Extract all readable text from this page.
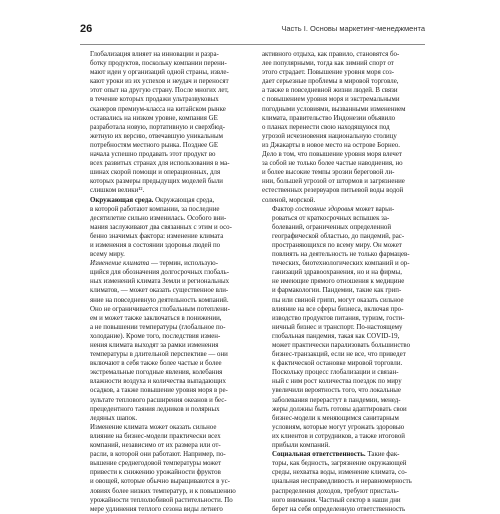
26	Часть I. Основы маркетинг-менеджмента

Глобализация влияет на инновации и разра-
ботку продуктов, поскольку компании перени-
мают идеи у организаций одной страны, извле-
кают уроки из их успехов и неудач и переносят
этот опыт на другую страну. После многих лет,
в течение которых продажи ультразвуковых
сканеров премиум-класса на китайском рынке
оставались на низком уровне, компания GE
разработала новую, портативную и сверхбюд-
жетную их версию, отвечавшую уникальным
потребностям местного рынка. Позднее GE
начала успешно продавать этот продукт во
всех развитых странах для использования в ма-
шинах скорой помощи и операционных, для
которых размеры предыдущих моделей были
слишком велики¹².

Окружающая среда. Окружающая среда,
в которой работают компании, за последние
десятилетие сильно изменилась. Особого вни-
мания заслуживают два связанных с этим и осо-
бенно значимых фактора: изменение климата
и изменения в состоянии здоровья людей по
всему миру.

Изменение климата — термин, использую-
щийся для обозначения долгосрочных глобаль-
ных изменений климата Земли и региональных
климатов, — может оказать существенное вли-
яние на повседневную деятельность компаний.
Оно не ограничивается глобальным потеплени-
ем и может также заключаться в понижении,
а не повышении температуры (глобальное по-
холодание). Кроме того, последствия измен-
нения климата выходят за рамки изменения
температуры в длительной перспективе — они
включают в себя также более частые и более
экстремальные погодные явления, колебания
влажности воздуха и количества выпадающих
осадков, а также повышение уровня моря в ре-
зультате теплового расширения океанов и бес-
прецедентного таяния ледников и полярных
ледяных шапок.

Изменение климата может оказать сильное
влияние на бизнес-модели практически всех
компаний, независимо от их размера или от-
расли, в которой они работают. Например, по-
вышение среднегодовой температуры может
привести к снижению урожайности фруктов
и овощей, которые обычно выращиваются в ус-
ловиях более низких температур, и к повышению
урожайности теплолюбивой растительности. По
мере удлинения теплого сезона виды летнего

активного отдыха, как правило, становятся бо-
лее популярными, тогда как зимний спорт от
этого страдает. Повышение уровня моря соз-
дает серьезные проблемы в мировой торговле,
а также в повседневной жизни людей. В связи
с повышением уровня моря и экстремальными
погодными условиями, вызванными изменением
климата, правительство Индонезии объявило
о планах перенести свою находящуюся под
угрозой исчезновения национальную столицу
из Джакарты в новое место на острове Борнео.
Дело в том, что повышение уровня моря влечет
за собой не только более частые наводнения, но
и более высокие темпы эрозии береговой ли-
нии, большей угрозой от штормов и загрязнение
естественных резервуаров питьевой воды водой
соленой, морской.

Фактор состояние здоровья может варьи-
роваться от краткосрочных вспышек за-
болеваний, ограниченных определенной
географической областью, до пандемий, рас-
пространяющихся по всему миру. Он может
повлиять на деятельность не только фармацев-
тических, биотехнологических компаний и ор-
ганизаций здравоохранения, но и на фирмы,
не имеющие прямого отношения к медицине
и фармакологии. Пандемии, такие как грип-
пы или свиной грипп, могут оказать сильное
влияние на все сферы бизнеса, включая про-
изводство продуктов питания, туризм, гости-
ничный бизнес и транспорт. По-настоящему
глобальная пандемия, такая как COVID-19,
может практически парализовать большинство
бизнес-транзакций, если не все, что приведет
к фактической остановке мировой торговли.
Поскольку процесс глобализации и связан-
ный с ним рост количества поездок по миру
увеличили вероятность того, что локальные
заболевания перерастут в пандемии, менед-
жеры должны быть готовы адаптировать свои
бизнес-модели к меняющимся санитарным
условиям, которые могут угрожать здоровью
их клиентов и сотрудников, а также итоговой
прибыли компаний.

Социальная ответственность. Такие фак-
торы, как бедность, загрязнение окружающей
среды, нехватка воды, изменение климата, со-
циальная несправедливость и неравномерность
распределения доходов, требуют присталь-
ного внимания. Частный сектор в наши дни
берет на себя определенную ответственность
